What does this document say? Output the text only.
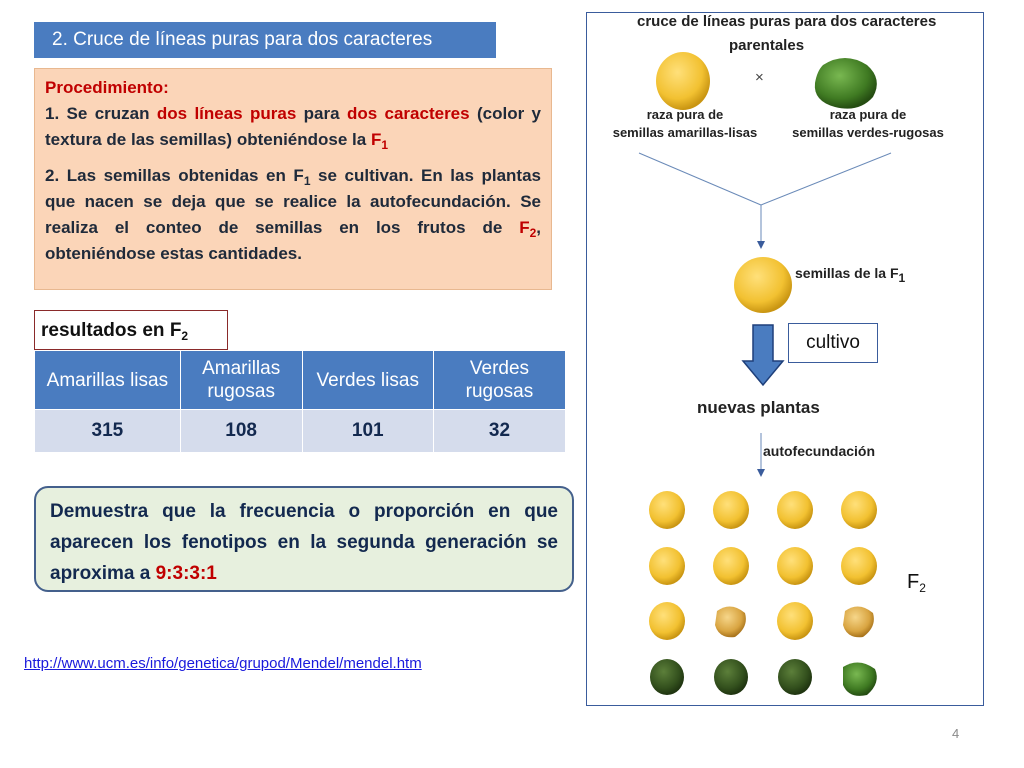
2. Cruce de líneas puras para dos caracteres

Procedimiento:

1. Se cruzan dos líneas puras para dos caracteres (color y textura de las semillas) obteniéndose la $F_1$

2. Las semillas obtenidas en $F_1$ se cultivan. En las plantas que nacen se deja que se realice la autofecundación. Se realiza el conteo de semillas en los frutos de $F_2$, obteniéndose estas cantidades.

resultados en $F_2$
Amarillas lisas	Amarillas rugosas	Verdes lisas	Verdes rugosas
315	108	101	32
Demuestra que la frecuencia o proporción en que aparecen los fenotipos en la segunda generación se aproxima a 9:3:3:1
http://www.ucm.es/info/genetica/grupod/Mendel/mendel.htm
4
cruce de líneas puras para dos caracteres
parentales
×
raza pura de
semillas amarillas-lisas
raza pura de
semillas verdes-rugosas
semillas de la $F_1$
nuevas plantas
autofecundación
$F_2$
cultivo
